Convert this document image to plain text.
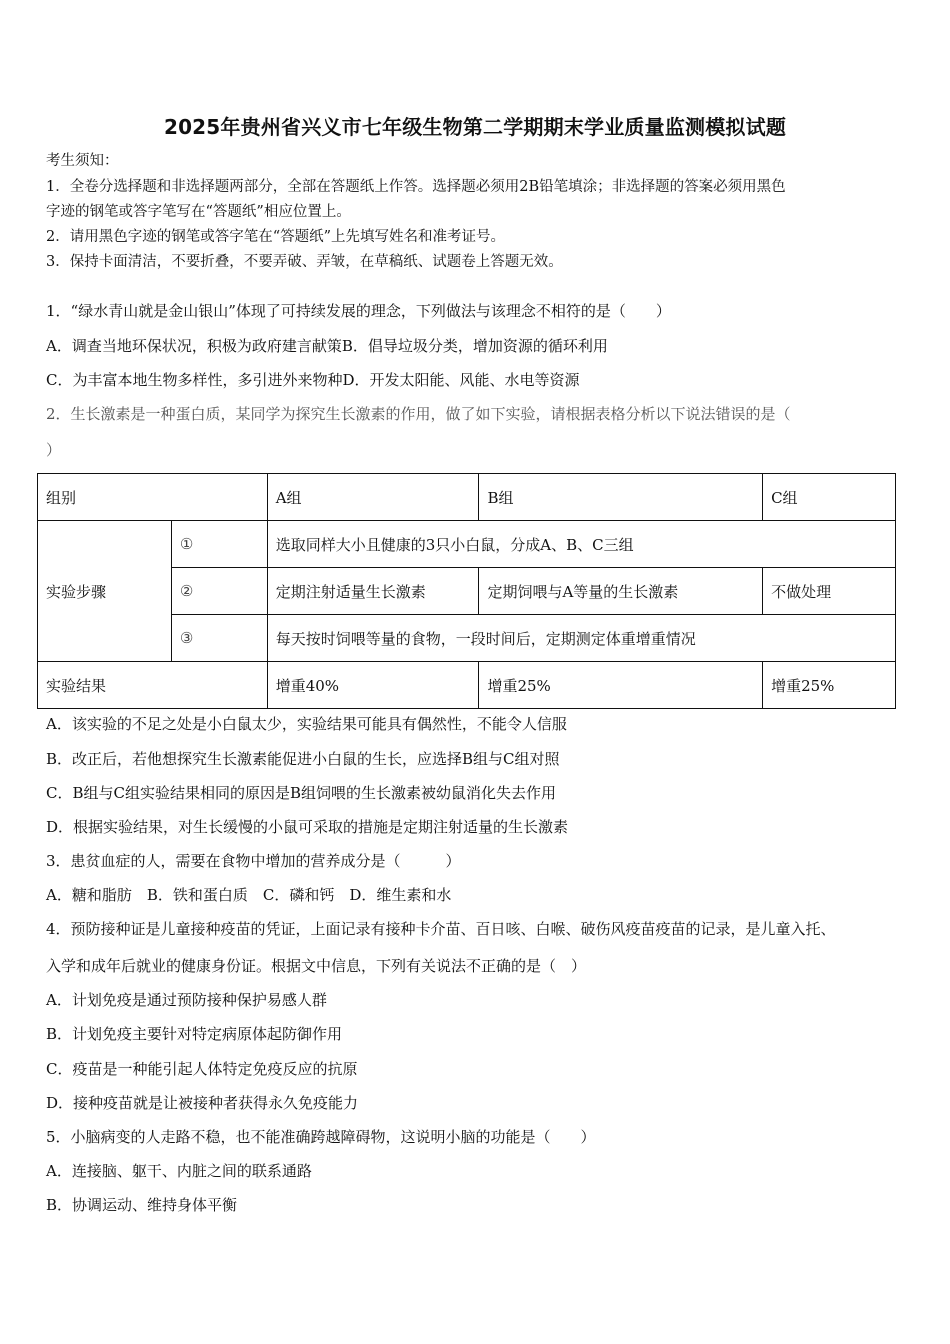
2025年贵州省兴义市七年级生物第二学期期末学业质量监测模拟试题
考生须知：
1．全卷分选择题和非选择题两部分，全部在答题纸上作答。选择题必须用2B铅笔填涂；非选择题的答案必须用黑色
字迹的钢笔或答字笔写在“答题纸”相应位置上。
2．请用黑色字迹的钢笔或答字笔在“答题纸”上先填写姓名和准考证号。
3．保持卡面清洁，不要折叠，不要弄破、弄皱，在草稿纸、试题卷上答题无效。
1．“绿水青山就是金山银山”体现了可持续发展的理念，下列做法与该理念不相符的是（　　）
A．调查当地环保状况，积极为政府建言献策B．倡导垃圾分类，增加资源的循环利用
C．为丰富本地生物多样性，多引进外来物种D．开发太阳能、风能、水电等资源
2．生长激素是一种蛋白质，某同学为探究生长激素的作用，做了如下实验，请根据表格分析以下说法错误的是（
）
组别		A组	B组	C组
实验步骤	①	选取同样大小且健康的3只小白鼠，分成A、B、C三组		
	②	定期注射适量生长激素	定期饲喂与A等量的生长激素	不做处理
	③	每天按时饲喂等量的食物，一段时间后，定期测定体重增重情况		
实验结果		增重40%	增重25%	增重25%
A．该实验的不足之处是小白鼠太少，实验结果可能具有偶然性，不能令人信服
B．改正后，若他想探究生长激素能促进小白鼠的生长，应选择B组与C组对照
C．B组与C组实验结果相同的原因是B组饲喂的生长激素被幼鼠消化失去作用
D．根据实验结果，对生长缓慢的小鼠可采取的措施是定期注射适量的生长激素
3．患贫血症的人，需要在食物中增加的营养成分是（　　　）
A．糖和脂肪　B．铁和蛋白质　C．磷和钙　D．维生素和水
4．预防接种证是儿童接种疫苗的凭证，上面记录有接种卡介苗、百日咳、白喉、破伤风疫苗疫苗的记录，是儿童入托、
入学和成年后就业的健康身份证。根据文中信息，下列有关说法不正确的是（　）
A．计划免疫是通过预防接种保护易感人群
B．计划免疫主要针对特定病原体起防御作用
C．疫苗是一种能引起人体特定免疫反应的抗原
D．接种疫苗就是让被接种者获得永久免疫能力
5．小脑病变的人走路不稳，也不能准确跨越障碍物，这说明小脑的功能是（　　）
A．连接脑、躯干、内脏之间的联系通路
B．协调运动、维持身体平衡
